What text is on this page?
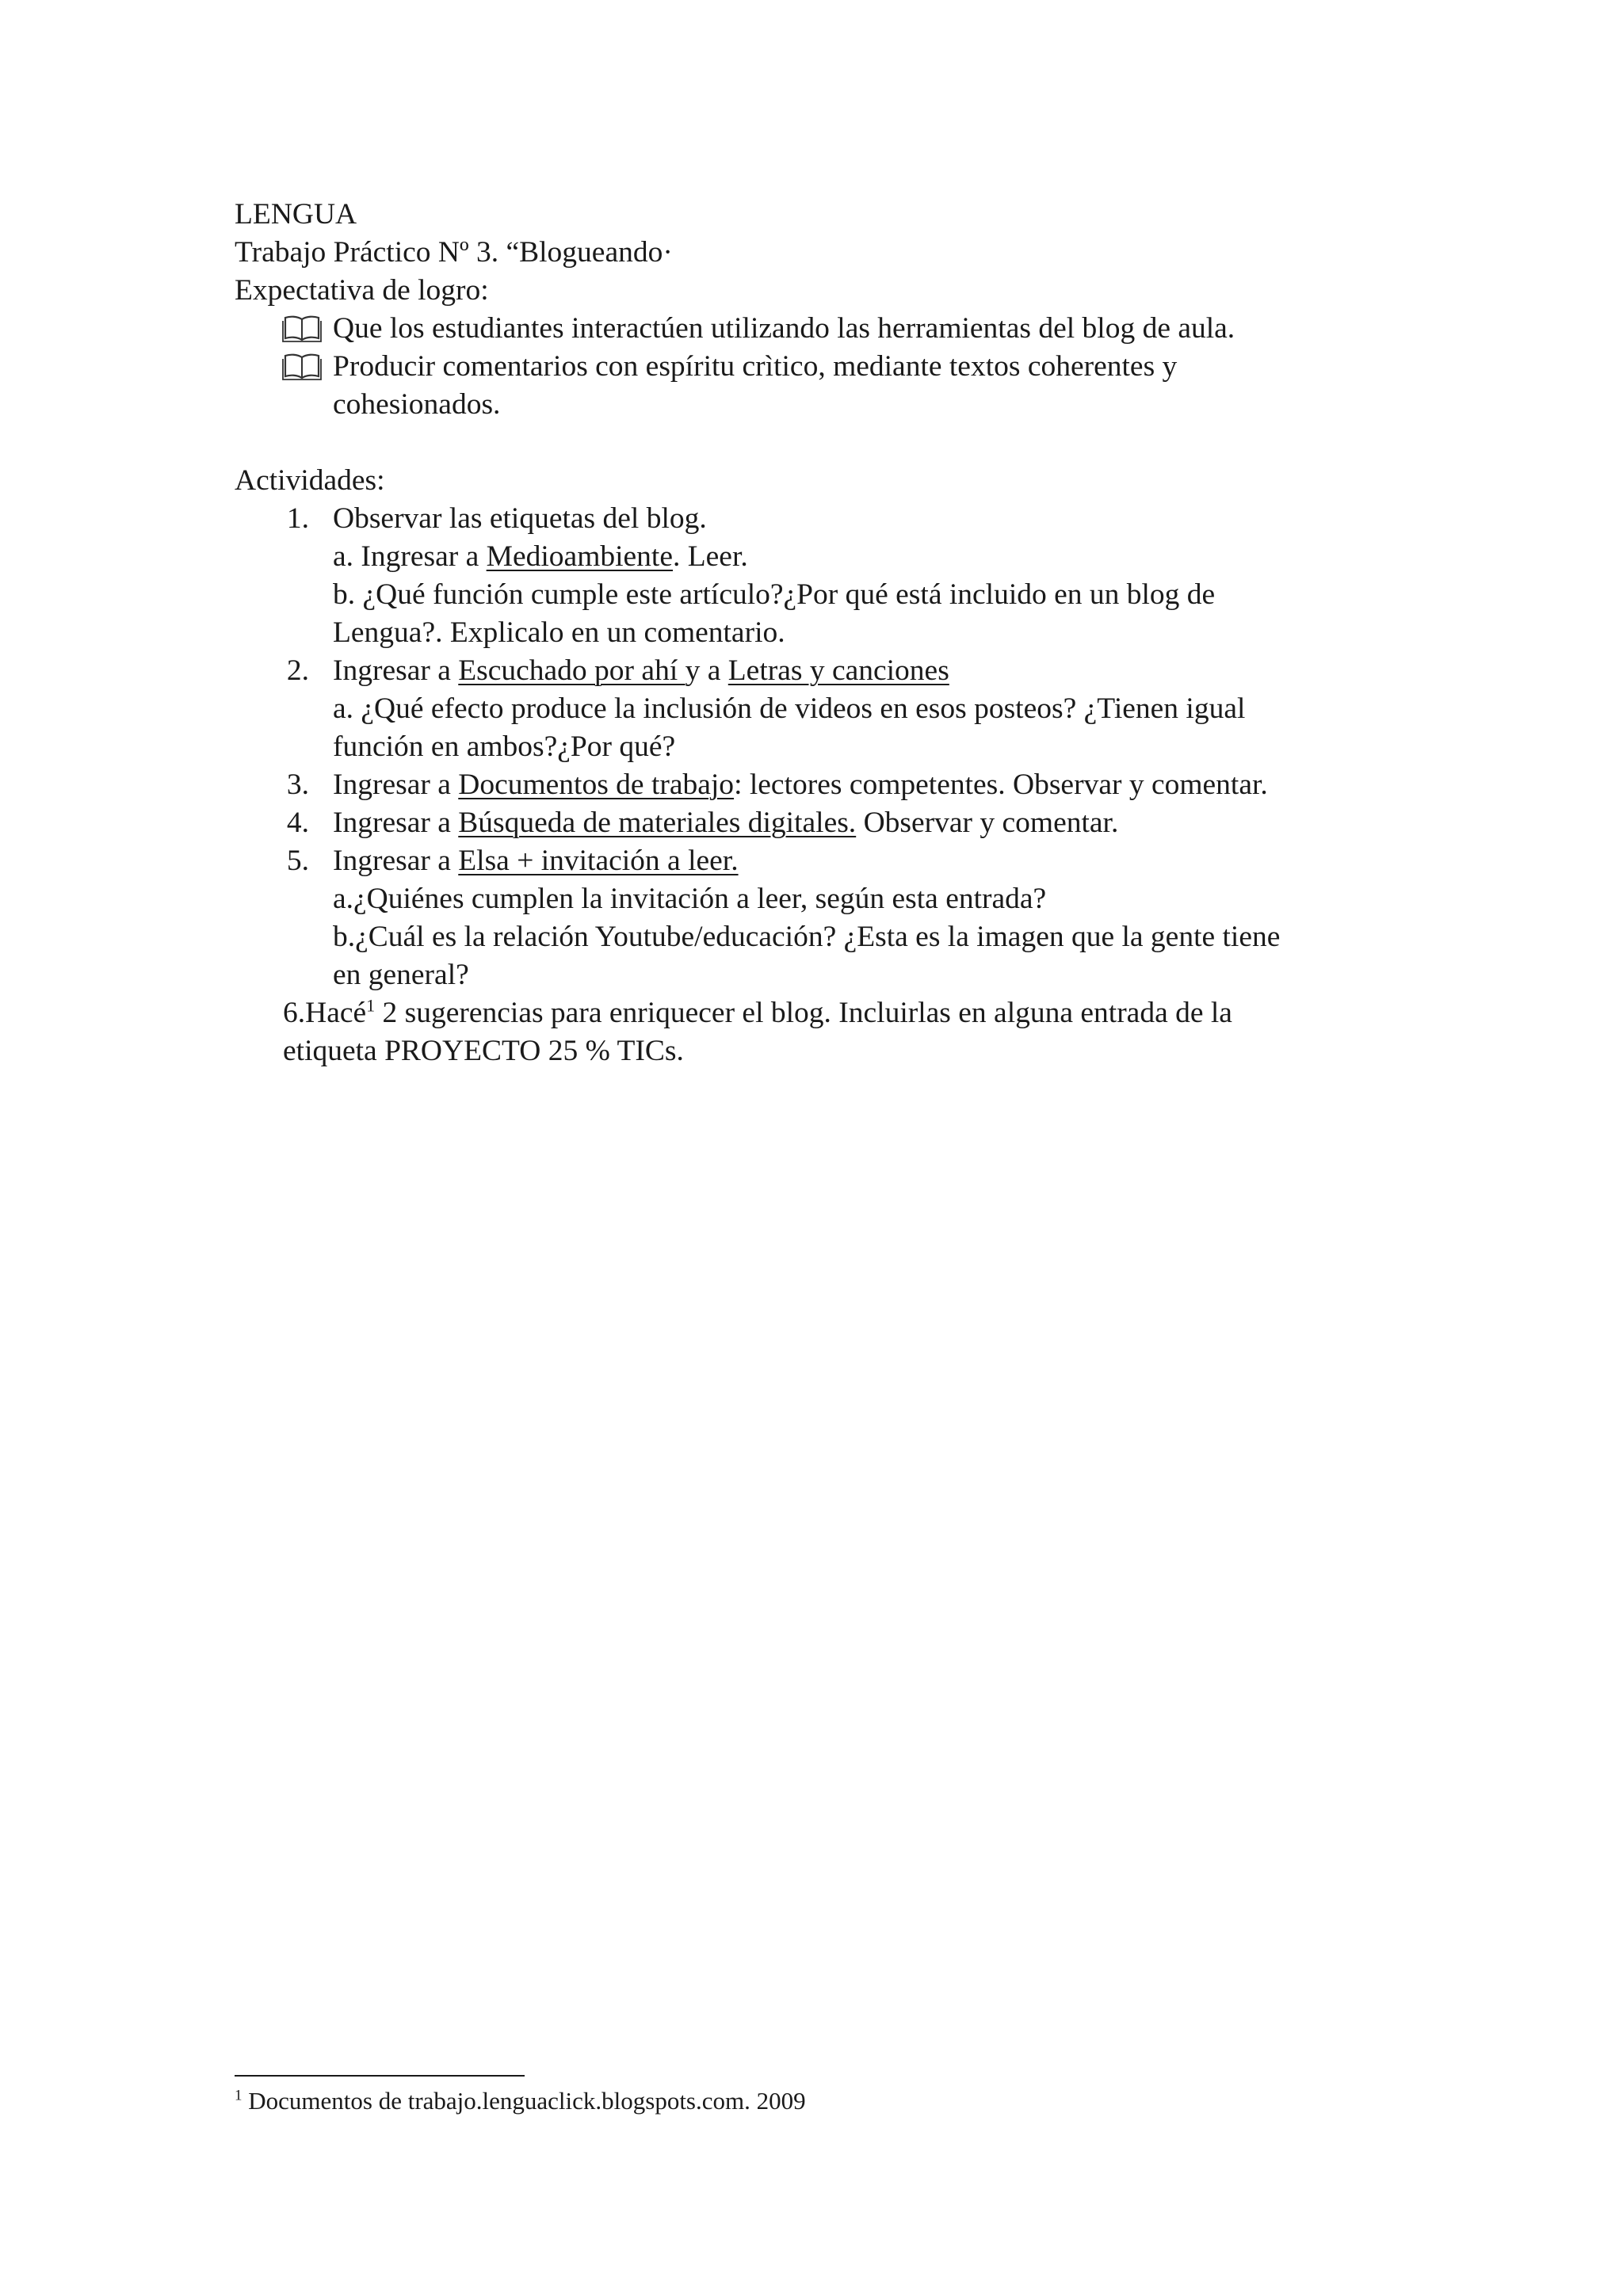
LENGUA
Trabajo Práctico Nº 3. “Blogueando·
Expectativa de logro:
Que los estudiantes interactúen utilizando las herramientas del blog de aula.
Producir comentarios con espíritu crìtico, mediante textos coherentes y
cohesionados.
Actividades:
1. Observar las etiquetas del blog.
a. Ingresar a Medioambiente. Leer.
b. ¿Qué función cumple este artículo?¿Por qué está incluido en un blog de
Lengua?. Explicalo en un comentario.
2. Ingresar a Escuchado por ahí y a Letras y canciones
a. ¿Qué efecto produce la inclusión de videos en esos posteos? ¿Tienen igual
función en ambos?¿Por qué?
3. Ingresar a Documentos de trabajo: lectores competentes. Observar y comentar.
4. Ingresar a Búsqueda de materiales digitales. Observar y comentar.
5. Ingresar a Elsa + invitación a leer.
a.¿Quiénes cumplen la invitación a leer, según esta entrada?
b.¿Cuál es la relación Youtube/educación? ¿Esta es la imagen que la gente tiene
en general?
6.Hacé$^1$ 2 sugerencias para enriquecer el blog. Incluirlas en alguna entrada de la
etiqueta PROYECTO 25 % TICs.
$^1$ Documentos de trabajo.lenguaclick.blogspots.com. 2009
